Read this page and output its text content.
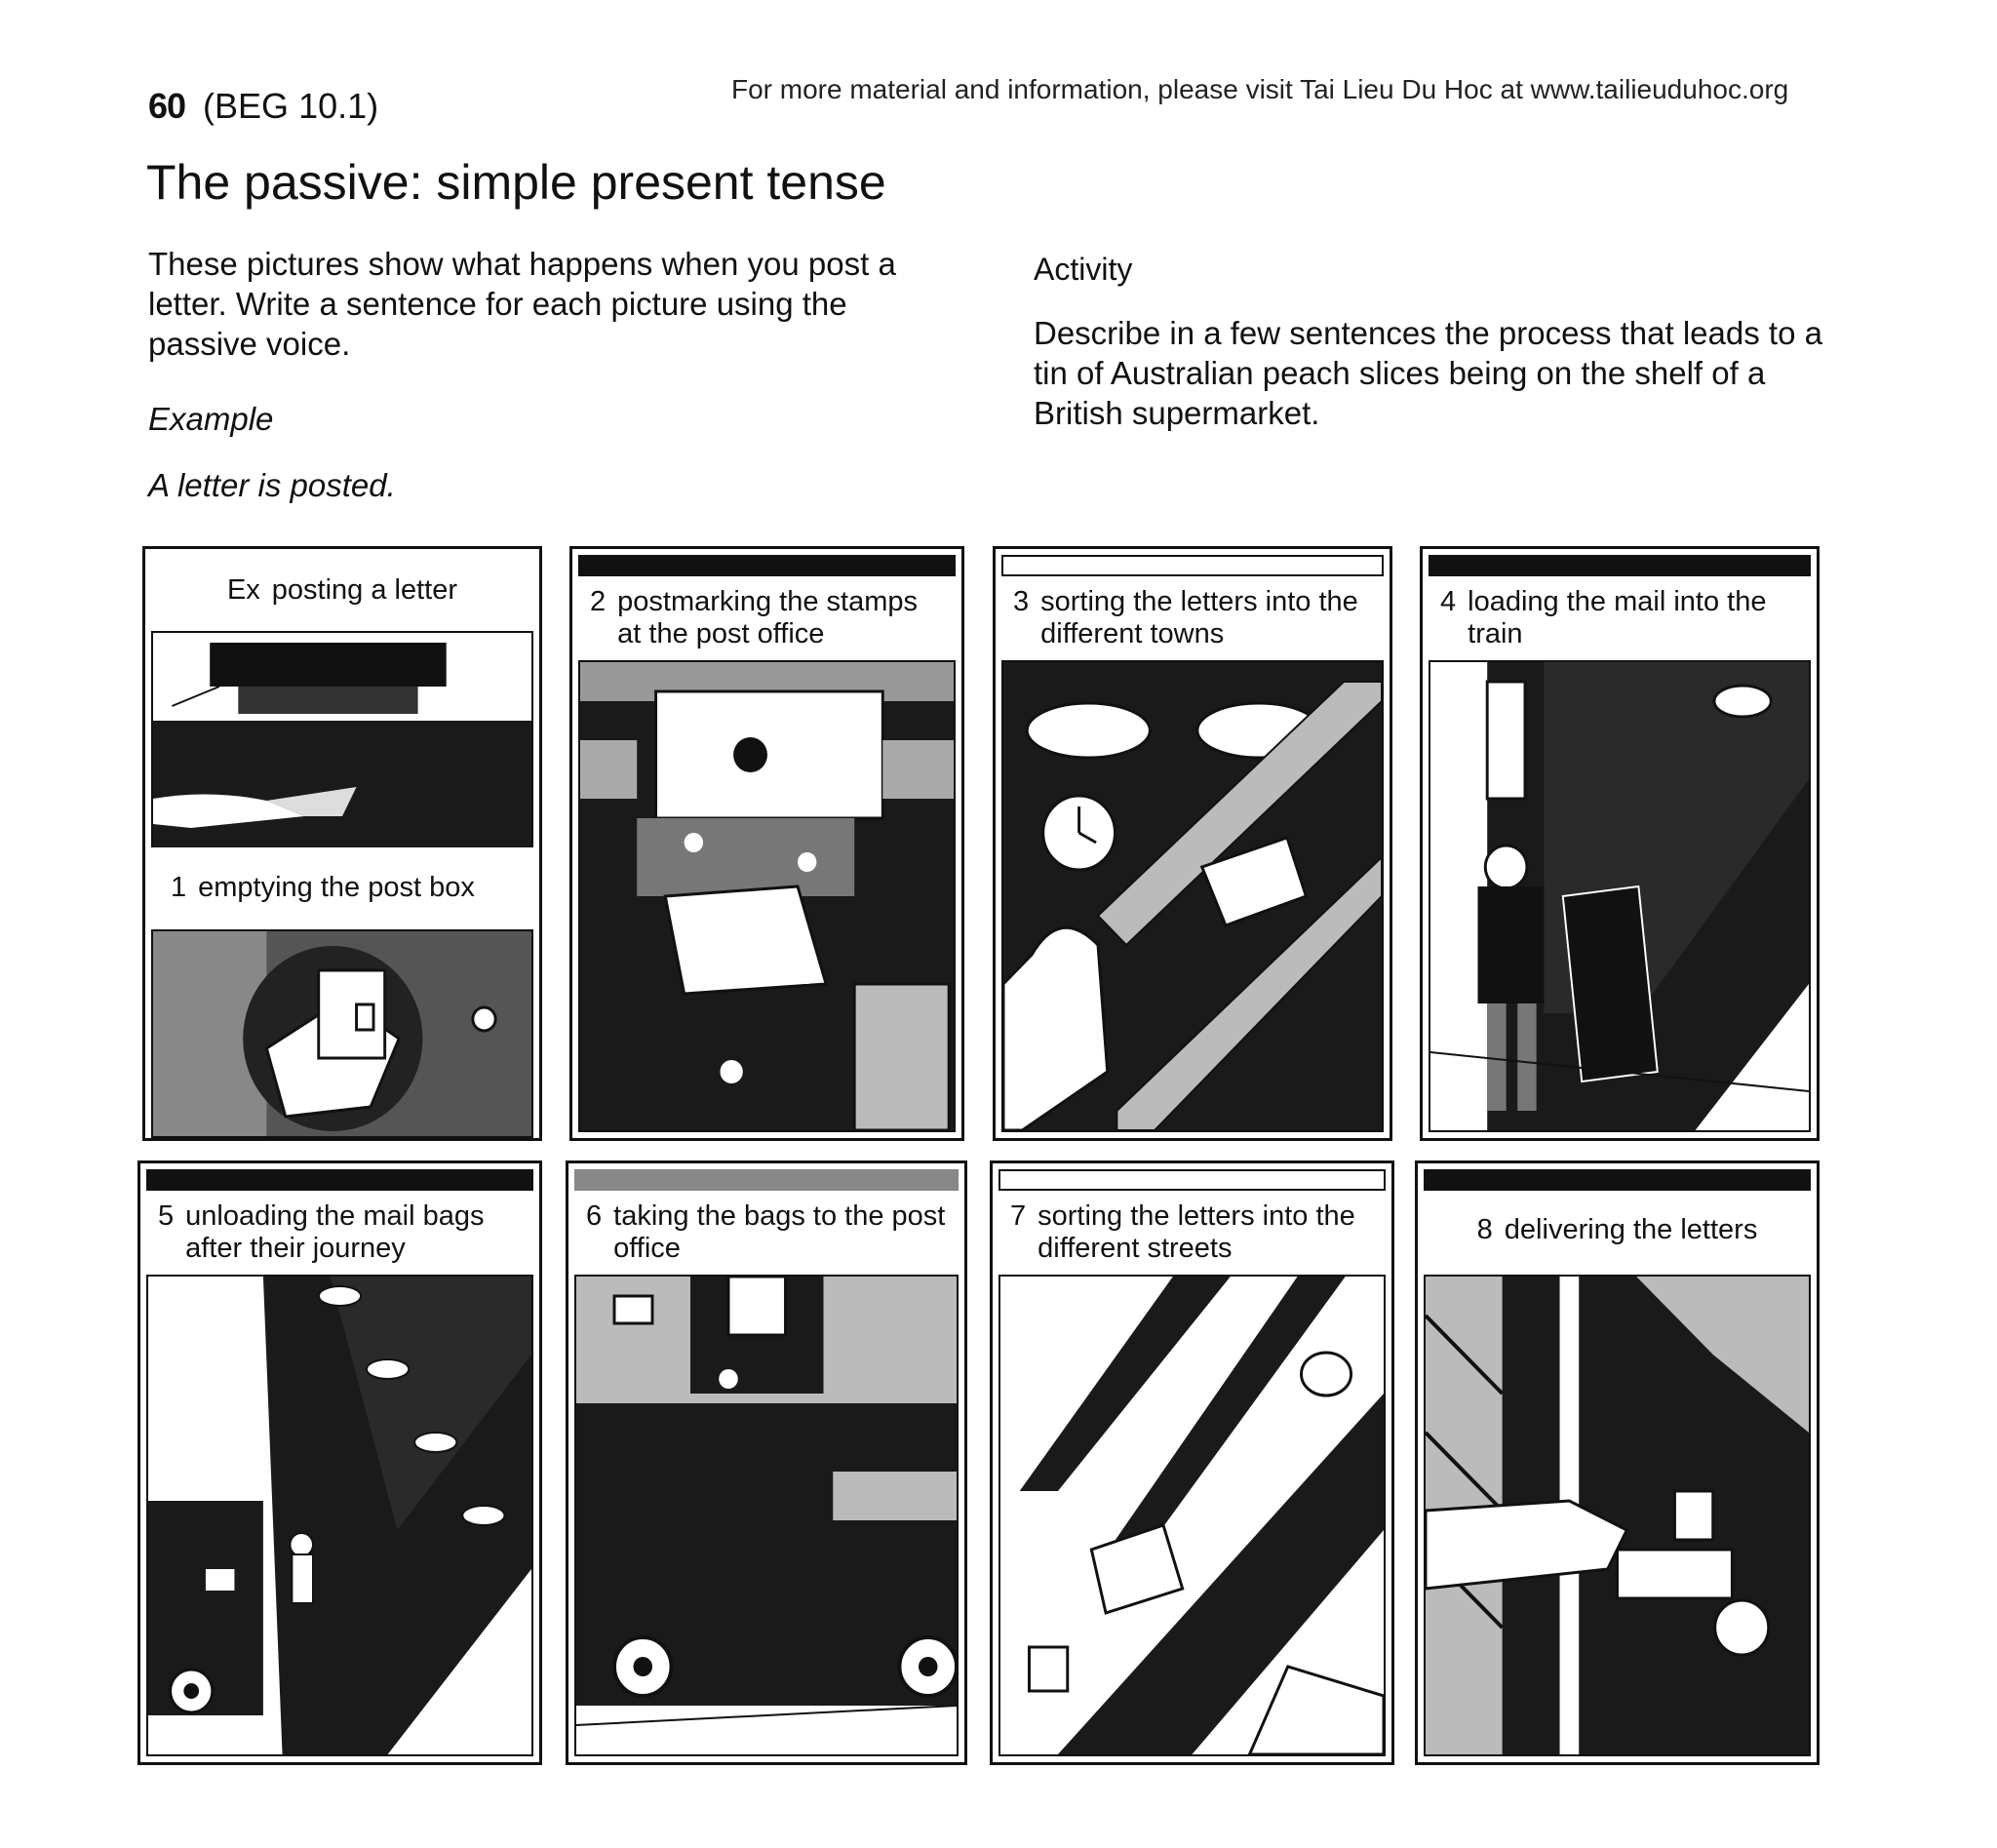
60 (BEG 10.1)	For more material and information, please visit Tai Lieu Du Hoc at www.tailieuduhoc.org
The passive: simple present tense

These pictures show what happens when you post a letter. Write a sentence for each picture using the passive voice.

Example

A letter is posted.

Activity

Describe in a few sentences the process that leads to a tin of Australian peach slices being on the shelf of a British supermarket.

Ex posting a letter
1 emptying the post box
2 postmarking the stamps at the post office
3 sorting the letters into the different towns
4 loading the mail into the train
5 unloading the mail bags after their journey
6 taking the bags to the post office
7 sorting the letters into the different streets
8 delivering the letters
